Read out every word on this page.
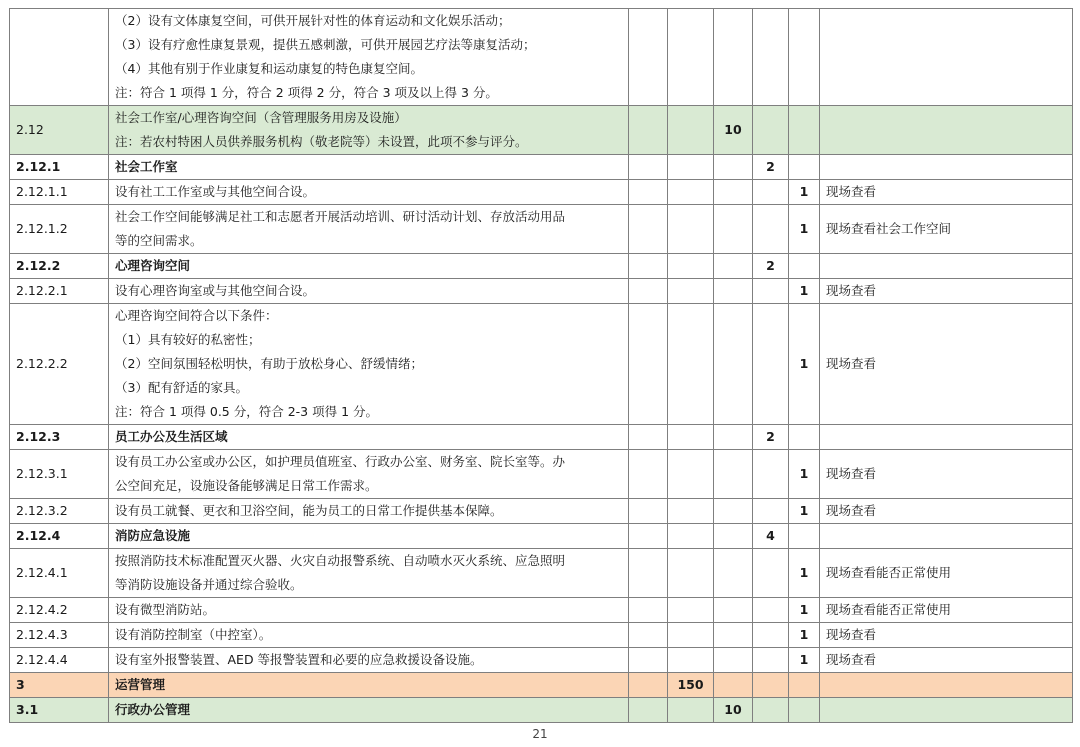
	（2）设有文体康复空间，可供开展针对性的体育运动和文化娱乐活动；
（3）设有疗愈性康复景观，提供五感刺激，可供开展园艺疗法等康复活动；
（4）其他有别于作业康复和运动康复的特色康复空间。
注：符合 1 项得 1 分，符合 2 项得 2 分，符合 3 项及以上得 3 分。						

2.12	社会工作室/心理咨询空间（含管理服务用房及设施）
注：若农村特困人员供养服务机构（敬老院等）未设置，此项不参与评分。			10			
2.12.1	社会工作室				2		
2.12.1.1	设有社工工作室或与其他空间合设。					1	现场查看
2.12.1.2	社会工作空间能够满足社工和志愿者开展活动培训、研讨活动计划、存放活动用品
等的空间需求。					1	现场查看社会工作空间
2.12.2	心理咨询空间				2		
2.12.2.1	设有心理咨询室或与其他空间合设。					1	现场查看
2.12.2.2	心理咨询空间符合以下条件：
（1）具有较好的私密性；
（2）空间氛围轻松明快，有助于放松身心、舒缓情绪；
（3）配有舒适的家具。
注：符合 1 项得 0.5 分，符合 2-3 项得 1 分。					1	现场查看
2.12.3	员工办公及生活区域				2		
2.12.3.1	设有员工办公室或办公区，如护理员值班室、行政办公室、财务室、院长室等。办
公空间充足，设施设备能够满足日常工作需求。					1	现场查看
2.12.3.2	设有员工就餐、更衣和卫浴空间，能为员工的日常工作提供基本保障。					1	现场查看
2.12.4	消防应急设施				4		
2.12.4.1	按照消防技术标准配置灭火器、火灾自动报警系统、自动喷水灭火系统、应急照明
等消防设施设备并通过综合验收。					1	现场查看能否正常使用
2.12.4.2	设有微型消防站。					1	现场查看能否正常使用
2.12.4.3	设有消防控制室（中控室）。					1	现场查看
2.12.4.4	设有室外报警装置、AED 等报警装置和必要的应急救援设备设施。					1	现场查看
3	运营管理		150				
3.1	行政办公管理			10			
21
